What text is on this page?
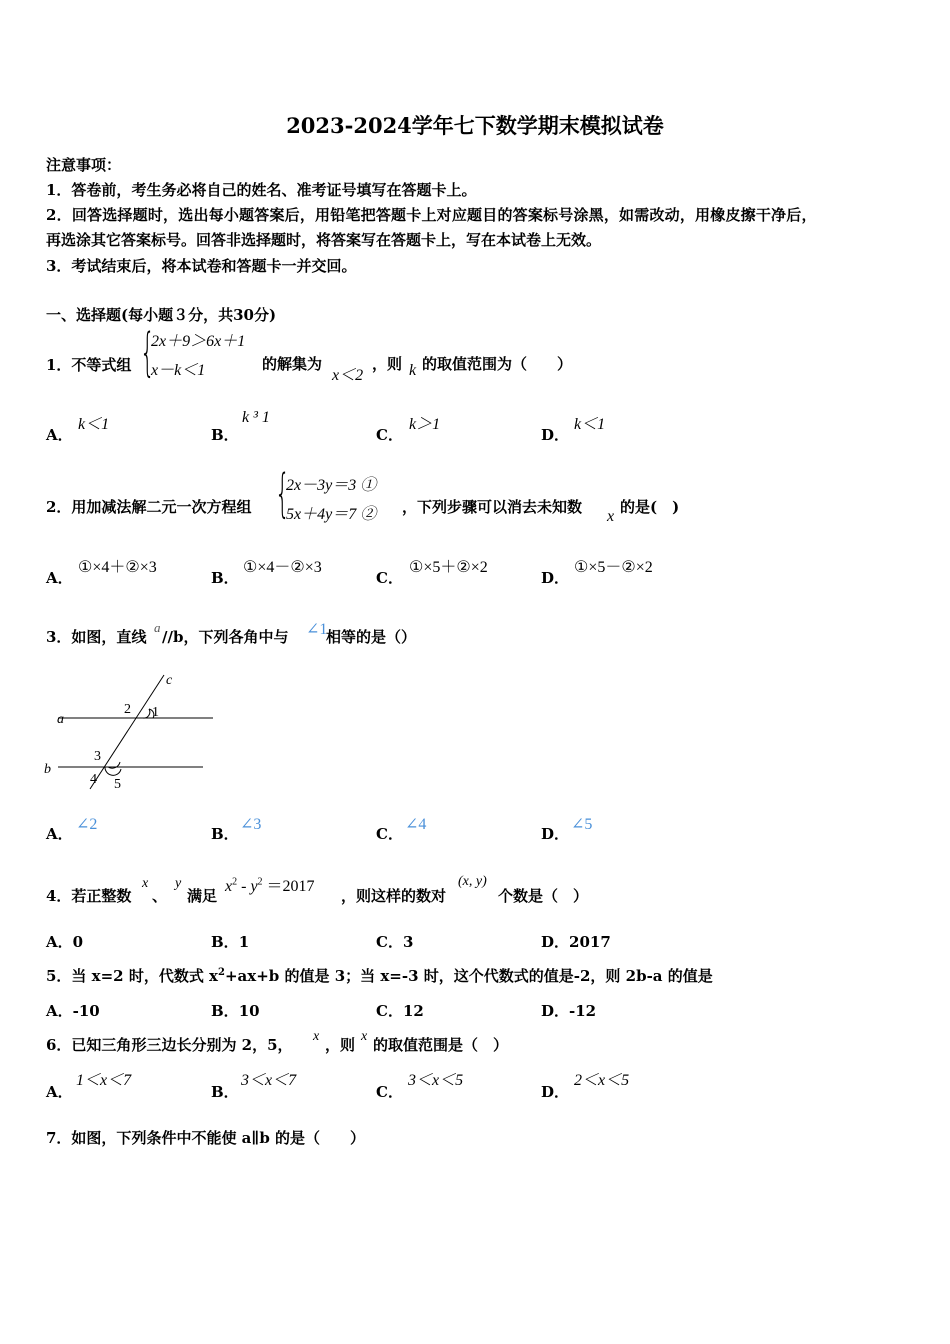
2023-2024学年七下数学期末模拟试卷
注意事项：
1．答卷前，考生务必将自己的姓名、准考证号填写在答题卡上。
2．回答选择题时，选出每小题答案后，用铅笔把答题卡上对应题目的答案标号涂黑，如需改动，用橡皮擦干净后，
再选涂其它答案标号。回答非选择题时，将答案写在答题卡上，写在本试卷上无效。
3．考试结束后，将本试卷和答题卡一并交回。
一、选择题(每小题３分，共30分)
1．不等式组 {
2x＋9＞6x＋1
x－k＜1	的解集为
x＜2
，则 k 的取值范围为（　　）
A．
k＜1
B．
k ³ 1
C．
k＞1
D．
k＜1
2．用加减法解二元一次方程组 {
2x－3y＝3 ①
5x＋4y＝7 ② ，下列步骤可以消去未知数
x
的是(　)
A．
①×4＋②×3
B．
①×4－②×3
C．
①×5＋②×2
D．
①×5－②×2
3．如图，直线
a
//b，下列各角中与 ∠1
相等的是（）
c
a
b
1
2
3
4 5
A．
∠2
B．
∠3
C．
∠4
D．
∠5
4．若正整数
x
、
y
满足
$x^2 - y^2 =2017$
，则这样的数对
(x, y)
个数是（　）
A．0	B．1	C．3	D．2017
5．当 x=2 时，代数式 $x^2+ax+b$ 的值是 3；当 x=-3 时，这个代数式的值是-2，则 2b-a 的值是
A．-10	B．10	C．12	D．-12
6．已知三角形三边长分别为 2，5， x ，则 x 的取值范围是（　）
A．
1＜x＜7
B．
3＜x＜7
C．
3＜x＜5
D．
2＜x＜5
7．如图，下列条件中不能使 a∥b 的是（　　）
